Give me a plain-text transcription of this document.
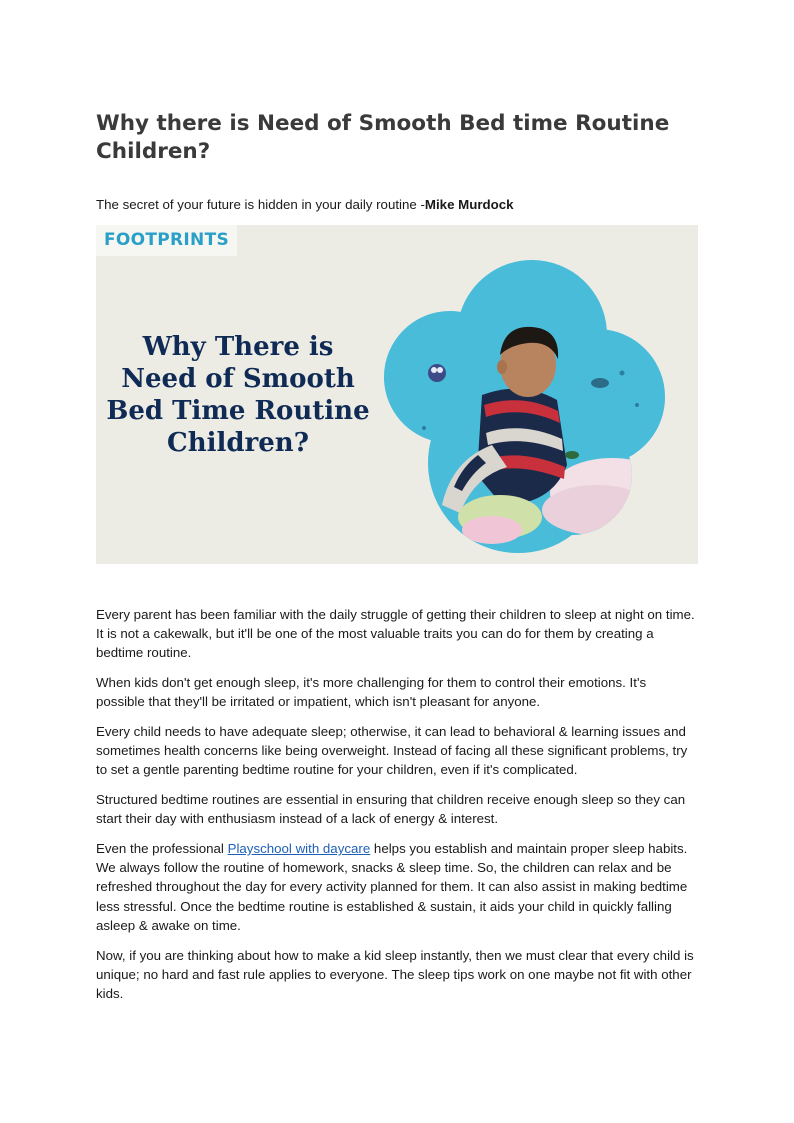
Why there is Need of Smooth Bed time Routine Children?

The secret of your future is hidden in your daily routine -Mike Murdock

FOOTPRINTS

Why There is
Need of Smooth
Bed Time Routine
Children?

Every parent has been familiar with the daily struggle of getting their children to sleep at night on time. It is not a cakewalk, but it'll be one of the most valuable traits you can do for them by creating a bedtime routine.

When kids don't get enough sleep, it's more challenging for them to control their emotions. It's possible that they'll be irritated or impatient, which isn't pleasant for anyone.

Every child needs to have adequate sleep; otherwise, it can lead to behavioral & learning issues and sometimes health concerns like being overweight. Instead of facing all these significant problems, try to set a gentle parenting bedtime routine for your children, even if it's complicated.

Structured bedtime routines are essential in ensuring that children receive enough sleep so they can start their day with enthusiasm instead of a lack of energy & interest.

Even the professional Playschool with daycare helps you establish and maintain proper sleep habits. We always follow the routine of homework, snacks & sleep time. So, the children can relax and be refreshed throughout the day for every activity planned for them. It can also assist in making bedtime less stressful. Once the bedtime routine is established & sustain, it aids your child in quickly falling asleep & awake on time.

Now, if you are thinking about how to make a kid sleep instantly, then we must clear that every child is unique; no hard and fast rule applies to everyone. The sleep tips work on one maybe not fit with other kids.
